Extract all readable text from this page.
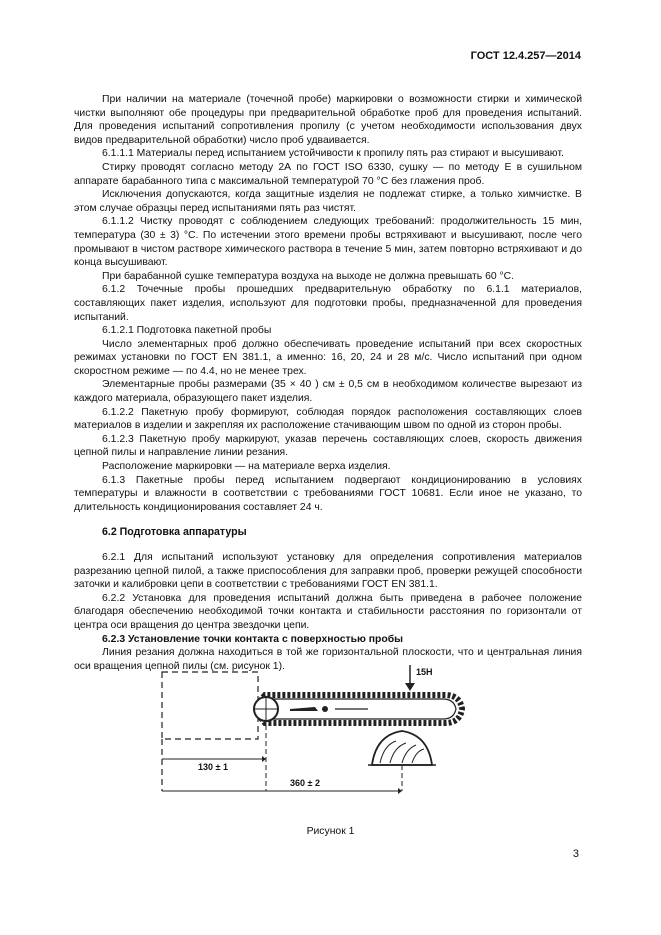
ГОСТ 12.4.257—2014

При наличии на материале (точечной пробе) маркировки о возможности стирки и химической чистки выполняют обе процедуры при предварительной обработке проб для проведения испытаний. Для проведения испытаний сопротивления пропилу (с учетом необходимости использования двух видов предварительной обработки) число проб удваивается.

6.1.1.1 Материалы перед испытанием устойчивости к пропилу пять раз стирают и высушивают.

Стирку проводят согласно методу 2А по ГОСТ ISO 6330, сушку — по методу Е в сушильном аппарате барабанного типа с максимальной температурой 70 °С без глажения проб.

Исключения допускаются, когда защитные изделия не подлежат стирке, а только химчистке. В этом случае образцы перед испытаниями пять раз чистят.

6.1.1.2 Чистку проводят с соблюдением следующих требований: продолжительность 15 мин, температура (30 ± 3) °С. По истечении этого времени пробы встряхивают и высушивают, после чего промывают в чистом растворе химического раствора в течение 5 мин, затем повторно встряхивают и до конца высушивают.

При барабанной сушке температура воздуха на выходе не должна превышать 60 °С.

6.1.2 Точечные пробы прошедших предварительную обработку по 6.1.1 материалов, составляющих пакет изделия, используют для подготовки пробы, предназначенной для проведения испытаний.

6.1.2.1 Подготовка пакетной пробы

Число элементарных проб должно обеспечивать проведение испытаний при всех скоростных режимах установки по ГОСТ EN 381.1, а именно: 16, 20, 24 и 28 м/с. Число испытаний при одном скоростном режиме — по 4.4, но не менее трех.

Элементарные пробы размерами (35 × 40 ) см ± 0,5 см в необходимом количестве вырезают из каждого материала, образующего пакет изделия.

6.1.2.2 Пакетную пробу формируют, соблюдая порядок расположения составляющих слоев материалов в изделии и закрепляя их расположение стачивающим швом по одной из сторон пробы.

6.1.2.3 Пакетную пробу маркируют, указав перечень составляющих слоев, скорость движения цепной пилы и направление линии резания.

Расположение маркировки — на материале верха изделия.

6.1.3 Пакетные пробы перед испытанием подвергают кондиционированию в условиях температуры и влажности в соответствии с требованиями ГОСТ 10681. Если иное не указано, то длительность кондиционирования составляет 24 ч.

6.2 Подготовка аппаратуры

6.2.1 Для испытаний используют установку для определения сопротивления материалов разрезанию цепной пилой, а также приспособления для заправки проб, проверки режущей способности заточки и калибровки цепи в соответствии с требованиями ГОСТ EN 381.1.

6.2.2 Установка для проведения испытаний должна быть приведена в рабочее положение благодаря обеспечению необходимой точки контакта и стабильности расстояния по горизонтали от центра оси вращения до центра звездочки цепи.

6.2.3 Установление точки контакта с поверхностью пробы

Линия резания должна находиться в той же горизонтальной плоскости, что и центральная линия оси вращения цепной пилы (см. рисунок 1).

15Н
130 ± 1
360 ± 2
Рисунок 1
3
